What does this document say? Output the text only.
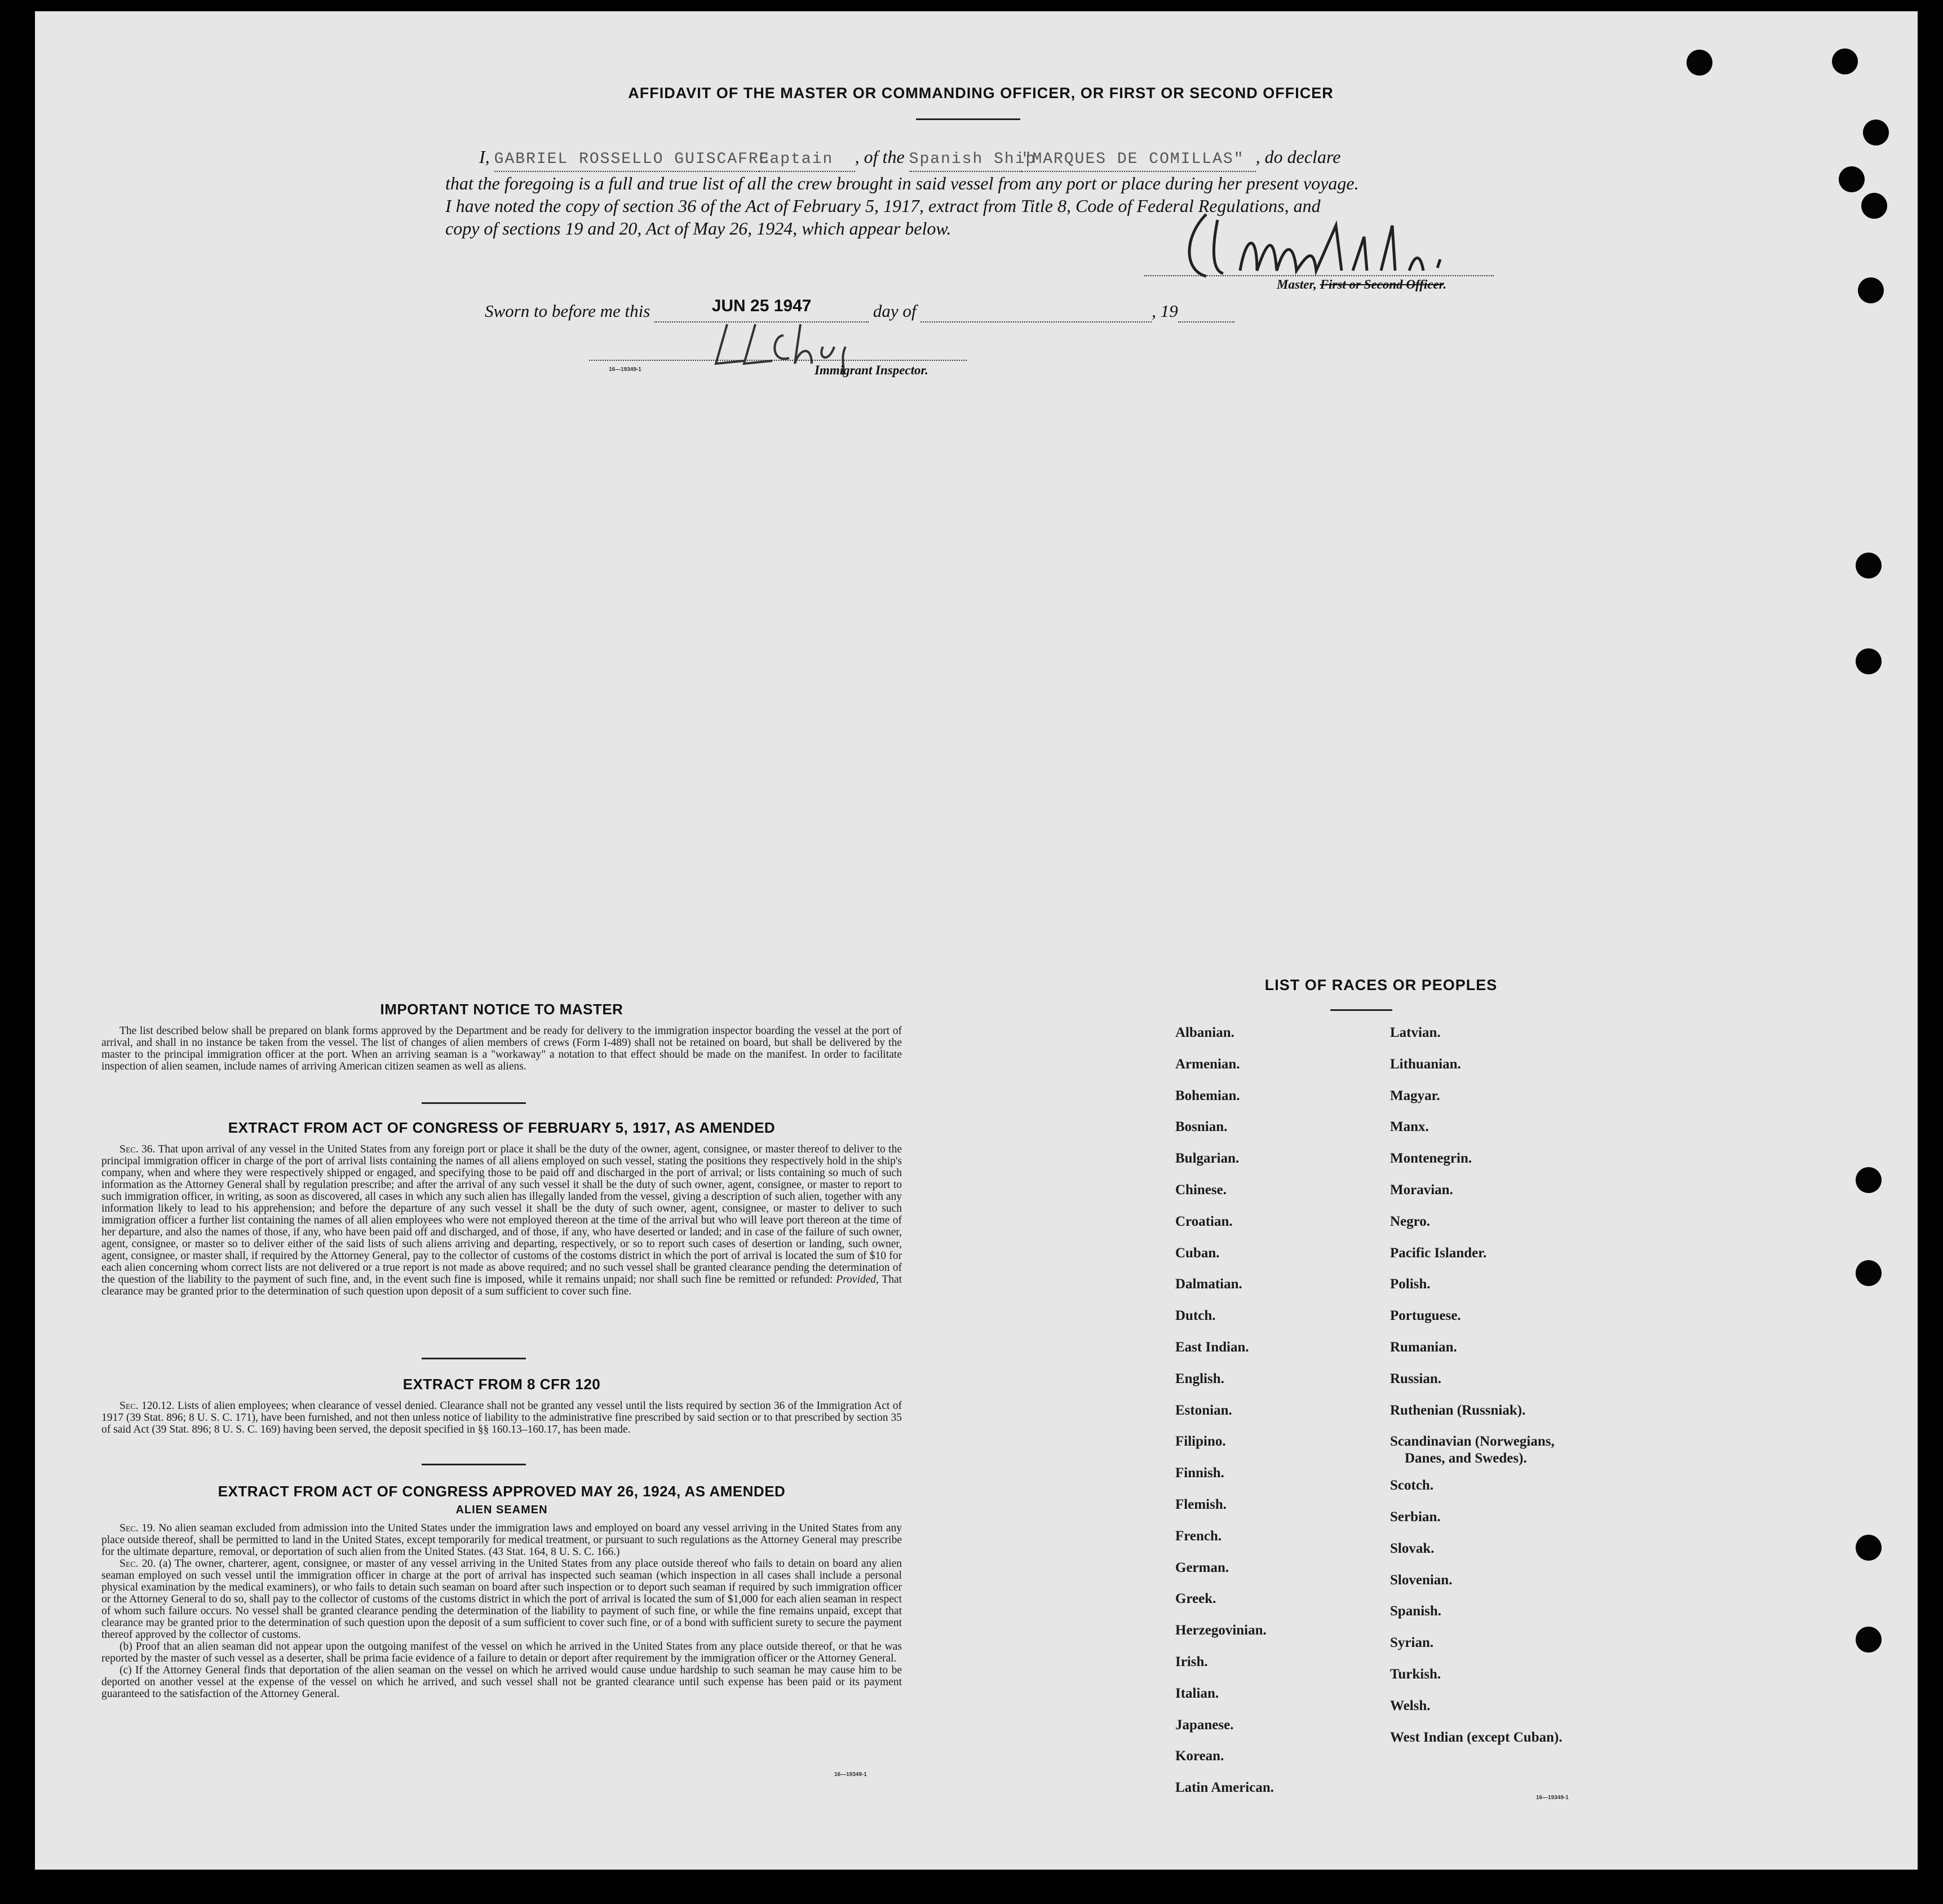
AFFIDAVIT OF THE MASTER OR COMMANDING OFFICER, OR FIRST OR SECOND OFFICER
I, GABRIEL ROSSELLO GUISCAFRECaptain , of the Spanish Ship"MARQUES DE COMILLAS" , do declare
that the foregoing is a full and true list of all the crew brought in said vessel from any port or place during her present voyage.
I have noted the copy of section 36 of the Act of February 5, 1917, extract from Title 8, Code of Federal Regulations, and
copy of sections 19 and 20, Act of May 26, 1924, which appear below.
Master, First or Second Officer.
Sworn to before me this	JUN 25 1947	day of	, 19
16—19349-1	Immigrant Inspector.
IMPORTANT NOTICE TO MASTER

The list described below shall be prepared on blank forms approved by the Department and be ready for delivery to the immigration inspector boarding the vessel at the port of arrival, and shall in no instance be taken from the vessel. The list of changes of alien members of crews (Form I-489) shall not be retained on board, but shall be delivered by the master to the principal immigration officer at the port. When an arriving seaman is a "workaway" a notation to that effect should be made on the manifest. In order to facilitate inspection of alien seamen, include names of arriving American citizen seamen as well as aliens.

EXTRACT FROM ACT OF CONGRESS OF FEBRUARY 5, 1917, AS AMENDED

Sec. 36. That upon arrival of any vessel in the United States from any foreign port or place it shall be the duty of the owner, agent, consignee, or master thereof to deliver to the principal immigration officer in charge of the port of arrival lists containing the names of all aliens employed on such vessel, stating the positions they respectively hold in the ship's company, when and where they were respectively shipped or engaged, and specifying those to be paid off and discharged in the port of arrival; or lists containing so much of such information as the Attorney General shall by regulation prescribe; and after the arrival of any such vessel it shall be the duty of such owner, agent, consignee, or master to report to such immigration officer, in writing, as soon as discovered, all cases in which any such alien has illegally landed from the vessel, giving a description of such alien, together with any information likely to lead to his apprehension; and before the departure of any such vessel it shall be the duty of such owner, agent, consignee, or master to deliver to such immigration officer a further list containing the names of all alien employees who were not employed thereon at the time of the arrival but who will leave port thereon at the time of her departure, and also the names of those, if any, who have been paid off and discharged, and of those, if any, who have deserted or landed; and in case of the failure of such owner, agent, consignee, or master so to deliver either of the said lists of such aliens arriving and departing, respectively, or so to report such cases of desertion or landing, such owner, agent, consignee, or master shall, if required by the Attorney General, pay to the collector of customs of the costoms district in which the port of arrival is located the sum of $10 for each alien concerning whom correct lists are not delivered or a true report is not made as above required; and no such vessel shall be granted clearance pending the determination of the question of the liability to the payment of such fine, and, in the event such fine is imposed, while it remains unpaid; nor shall such fine be remitted or refunded: Provided, That clearance may be granted prior to the determination of such question upon deposit of a sum sufficient to cover such fine.

EXTRACT FROM 8 CFR 120

Sec. 120.12. Lists of alien employees; when clearance of vessel denied. Clearance shall not be granted any vessel until the lists required by section 36 of the Immigration Act of 1917 (39 Stat. 896; 8 U. S. C. 171), have been furnished, and not then unless notice of liability to the administrative fine prescribed by said section or to that prescribed by section 35 of said Act (39 Stat. 896; 8 U. S. C. 169) having been served, the deposit specified in §§ 160.13–160.17, has been made.

EXTRACT FROM ACT OF CONGRESS APPROVED MAY 26, 1924, AS AMENDED
ALIEN SEAMEN

Sec. 19. No alien seaman excluded from admission into the United States under the immigration laws and employed on board any vessel arriving in the United States from any place outside thereof, shall be permitted to land in the United States, except temporarily for medical treatment, or pursuant to such regulations as the Attorney General may prescribe for the ultimate departure, removal, or deportation of such alien from the United States. (43 Stat. 164, 8 U. S. C. 166.)

Sec. 20. (a) The owner, charterer, agent, consignee, or master of any vessel arriving in the United States from any place outside thereof who fails to detain on board any alien seaman employed on such vessel until the immigration officer in charge at the port of arrival has inspected such seaman (which inspection in all cases shall include a personal physical examination by the medical examiners), or who fails to detain such seaman on board after such inspection or to deport such seaman if required by such immigration officer or the Attorney General to do so, shall pay to the collector of customs of the customs district in which the port of arrival is located the sum of $1,000 for each alien seaman in respect of whom such failure occurs. No vessel shall be granted clearance pending the determination of the liability to payment of such fine, or while the fine remains unpaid, except that clearance may be granted prior to the determination of such question upon the deposit of a sum sufficient to cover such fine, or of a bond with sufficient surety to secure the payment thereof approved by the collector of customs.

(b) Proof that an alien seaman did not appear upon the outgoing manifest of the vessel on which he arrived in the United States from any place outside thereof, or that he was reported by the master of such vessel as a deserter, shall be prima facie evidence of a failure to detain or deport after requirement by the immigration officer or the Attorney General.

(c) If the Attorney General finds that deportation of the alien seaman on the vessel on which he arrived would cause undue hardship to such seaman he may cause him to be deported on another vessel at the expense of the vessel on which he arrived, and such vessel shall not be granted clearance until such expense has been paid or its payment guaranteed to the satisfaction of the Attorney General.

16—19349-1
LIST OF RACES OR PEOPLES
Albanian.
Armenian.
Bohemian.
Bosnian.
Bulgarian.
Chinese.
Croatian.
Cuban.
Dalmatian.
Dutch.
East Indian.
English.
Estonian.
Filipino.
Finnish.
Flemish.
French.
German.
Greek.
Herzegovinian.
Irish.
Italian.
Japanese.
Korean.
Latin American.
Latvian.
Lithuanian.
Magyar.
Manx.
Montenegrin.
Moravian.
Negro.
Pacific Islander.
Polish.
Portuguese.
Rumanian.
Russian.
Ruthenian (Russniak).
Scandinavian (Norwegians,
Danes, and Swedes).
Scotch.
Serbian.
Slovak.
Slovenian.
Spanish.
Syrian.
Turkish.
Welsh.
West Indian (except Cuban).
16—19349-1
